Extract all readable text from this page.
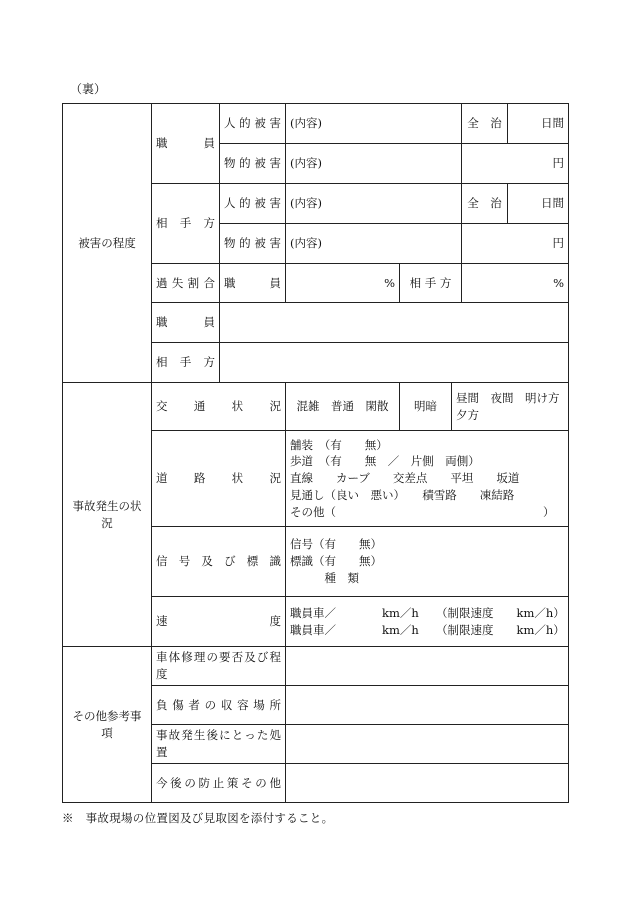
（裏）
被害の程度	職　　員	人的被害	(内容)			全　治	日間
		物的被害	(内容)			円	
	相　手　方	人的被害	(内容)			全　治	日間
		物的被害	(内容)			円	
	過失割合	職　　員	%	相 手 方		%	
	職　　員						
	相　手　方						
事故発生の状況	交　通　状　況		混雑　普通　閑散	明暗	昼間　夜間　明け方
夕方		

	道　路　状　況		舗装　（有　　無）
歩道　（有　　無　／　片側　両側）
直線　　カーブ　　交差点　　平坦　　坂道
見通し（良い　悪い）　　積雪路　　凍結路
その他（　　　　　　　　　　　　　　　　　　）				

	信号及び標識		信号（有　　無）
標識（有　　無）
　　　種　類				

	速　　　　　度		職員車／　　　　km／h　　（制限速度　　km／h）
職員車／　　　　km／h　　（制限速度　　km／h）				

その他参考事項	車体修理の要否及び程度						
	負傷者の収容場所						
	事故発生後にとった処置						
	今後の防止策その他						
※　事故現場の位置図及び見取図を添付すること。
